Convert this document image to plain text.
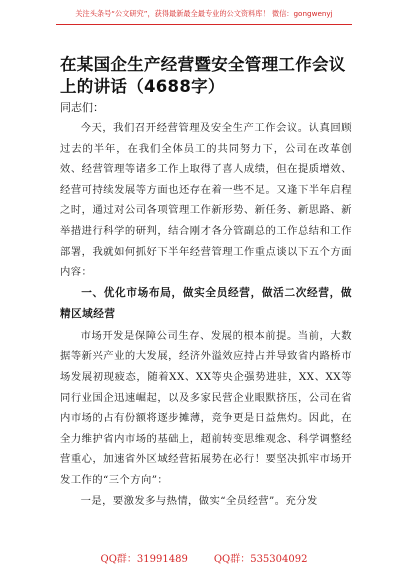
关注头条号“公文研究”，获得最新最全最专业的公文资料库！ 微信：gongwenyj
在某国企生产经营暨安全管理工作会议上的讲话（4688字）
同志们：

今天，我们召开经营管理及安全生产工作会议。认真回顾过去的半年，在我们全体员工的共同努力下，公司在改革创效、经营管理等诸多工作上取得了喜人成绩，但在提质增效、经营可持续发展等方面也还存在着一些不足。又逢下半年启程之时，通过对公司各项管理工作新形势、新任务、新思路、新举措进行科学的研判，结合刚才各分管副总的工作总结和工作部署，我就如何抓好下半年经营管理工作重点谈以下五个方面内容：

一、优化市场布局，做实全员经营，做活二次经营，做精区域经营

市场开发是保障公司生存、发展的根本前提。当前，大数据等新兴产业的大发展，经济外溢效应持占并导致省内路桥市场发展初现疲态，随着XX、XX等央企强势进驻，XX、XX等同行业国企迅速崛起，以及多家民营企业眼默挤压，公司在省内市场的占有份额将逐步摊薄，竞争更是日益焦灼。因此，在全力维护省内市场的基础上，超前转变思维观念、科学调整经营重心，加速省外区域经营拓展势在必行！要坚决抓牢市场开发工作的“三个方向”：

一是，要激发多与热情，做实“全员经营”。充分发

QQ群：31991489	QQ群：535304092
